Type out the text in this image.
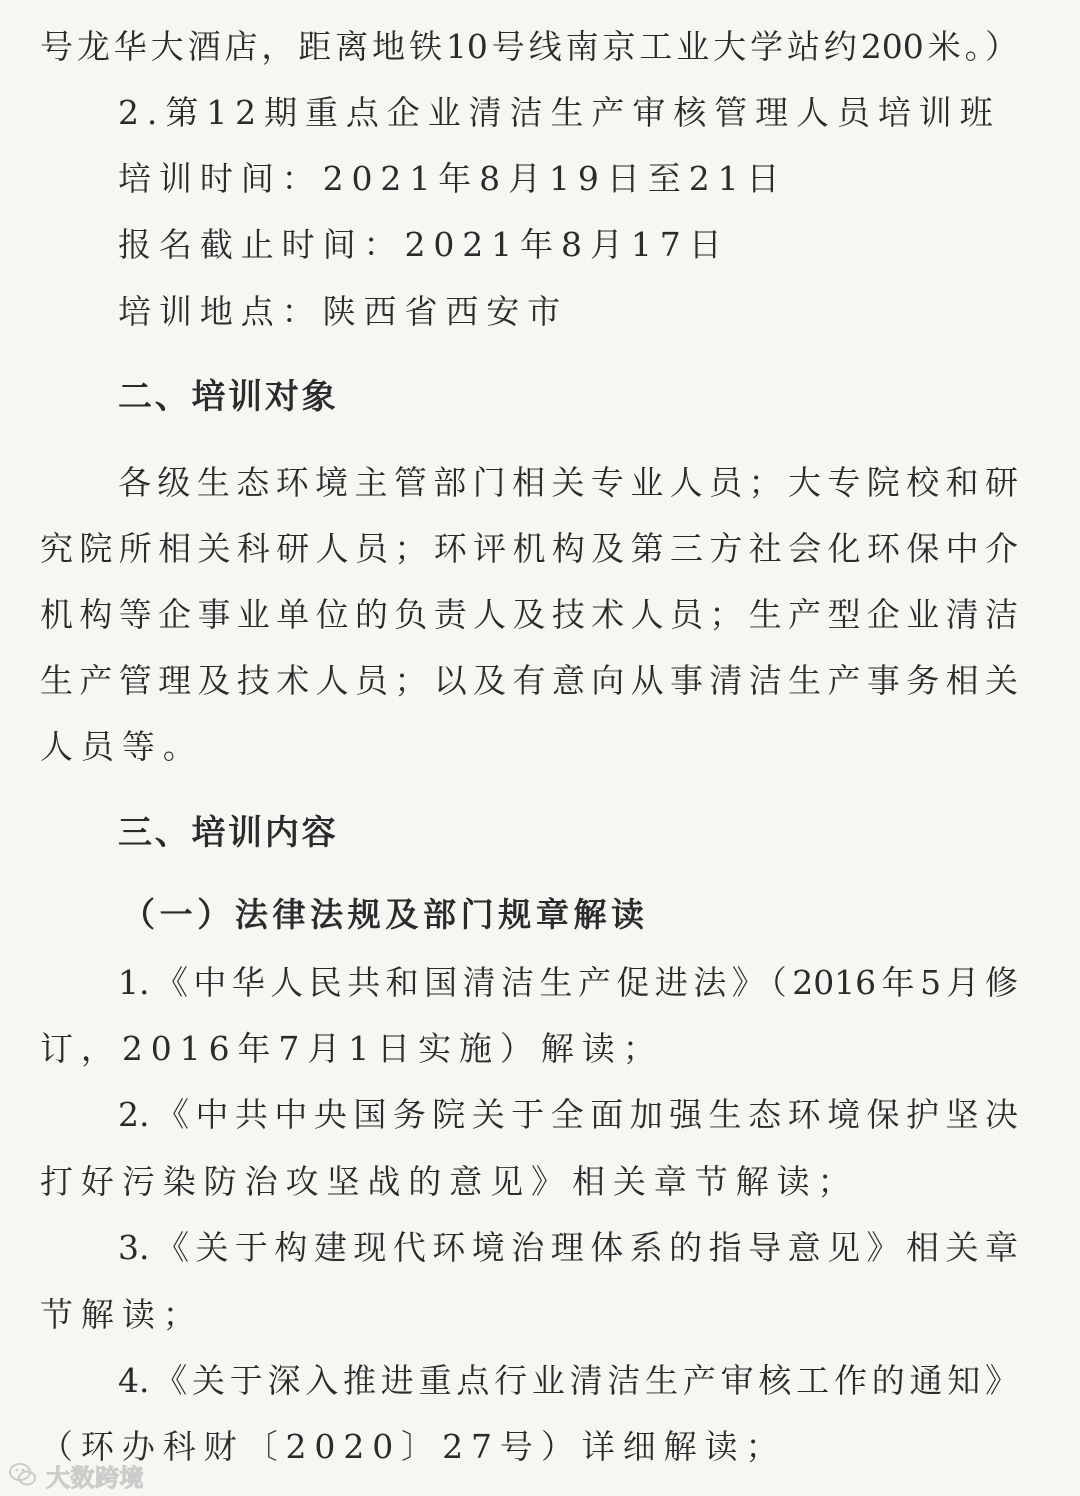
号龙华大酒店，距离地铁10号线南京工业大学站约200米。）
2.第12期重点企业清洁生产审核管理人员培训班
培训时间：2021年8月19日至21日
报名截止时间：2021年8月17日
培训地点：陕西省西安市
二、培训对象
各级生态环境主管部门相关专业人员；大专院校和研
究院所相关科研人员；环评机构及第三方社会化环保中介
机构等企事业单位的负责人及技术人员；生产型企业清洁
生产管理及技术人员；以及有意向从事清洁生产事务相关
人员等。
三、培训内容
（一）法律法规及部门规章解读
1.《中华人民共和国清洁生产促进法》（2016年5月修
订，2016年7月1日实施）解读；
2.《中共中央国务院关于全面加强生态环境保护坚决
打好污染防治攻坚战的意见》相关章节解读；
3.《关于构建现代环境治理体系的指导意见》相关章
节解读；
4.《关于深入推进重点行业清洁生产审核工作的通知》
（环办科财〔2020〕27号）详细解读；
大数跨境
